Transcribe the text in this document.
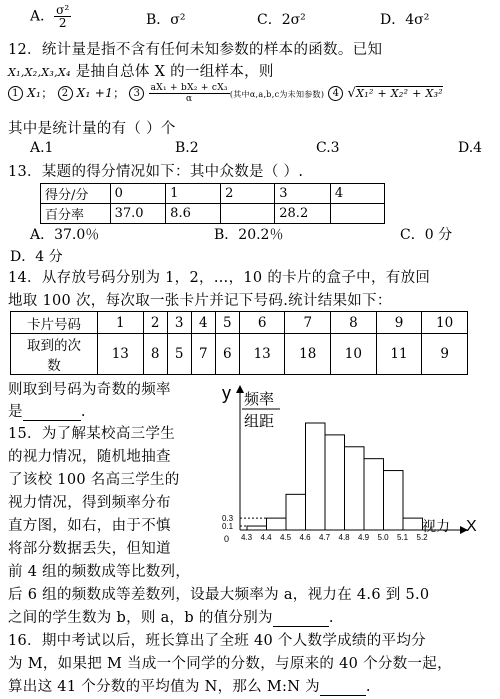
A． $\frac{\text{σ²}}{2}$	B．σ²	C．2σ²	D．4σ²
12．统计量是指不含有任何未知参数的样本的函数。已知
X₁,X₂,X₃,X₄ 是抽自总体 X 的一组样本，则
1 X₁； 2 X₁ +1； $3 \frac{\text{aX₁ + bX₂ + cX₃}}{\alpha}$ (其中α,a,b,c为未知参数) 4 √X₁² + X₂² + X₃²
其中是统计量的有（ ）个
A.1	B.2	C.3	D.4
13．某题的得分情况如下：其中众数是（ ）.
得分/分	0	1	2	3	4
百分率	37.0	8.6		28.2	
A．37.0％	B．20.2％	C．0 分
D．4 分
14．从存放号码分别为 1，2，…，10 的卡片的盒子中，有放回
地取 100 次，每次取一张卡片并记下号码.统计结果如下：
卡片号码	1	2	3	4	5	6	7	8	9	10
取到的次
数	13	8	5	7	6	13	18	10	11	9
则取到号码为奇数的频率
是	.
15．为了解某校高三学生
的视力情况，随机地抽查
了该校 100 名高三学生的
视力情况，得到频率分布
直方图，如右，由于不慎
将部分数据丢失，但知道
前 4 组的频数成等比数列，
后 6 组的频数成等差数列，设最大频率为 a，视力在 4.6 到 5.0
之间的学生数为 b，则 a，b 的值分别为	.
4.3 4.4 4.5 4.6 4.7 4.8 4.9 5.0 5.1 5.2
0.1
0.3
y 频率
组距
视力 X
0
16．期中考试以后，班长算出了全班 40 个人数学成绩的平均分
为 M，如果把 M 当成一个同学的分数，与原来的 40 个分数一起，
算出这 41 个分数的平均值为 N，那么 M:N 为	.
